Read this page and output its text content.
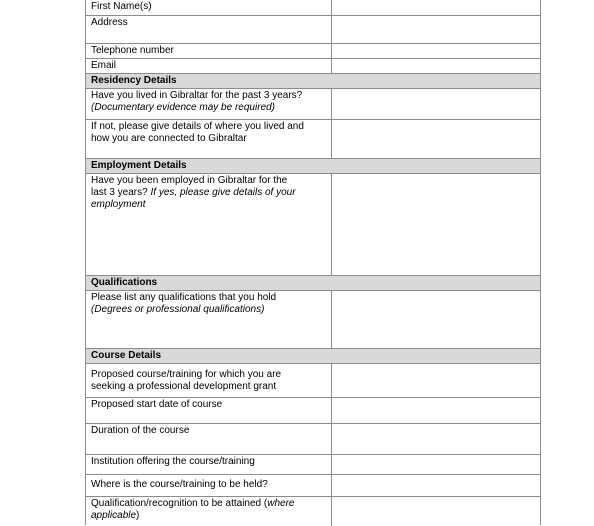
First Name(s)
Address
Telephone number
Email
Residency Details
Have you lived in Gibraltar for the past 3 years?
(Documentary evidence may be required)
If not, please give details of where you lived and
how you are connected to Gibraltar
Employment Details
Have you been employed in Gibraltar for the
last 3 years? If yes, please give details of your
employment
Qualifications
Please list any qualifications that you hold
(Degrees or professional qualifications)
Course Details
Proposed course/training for which you are
seeking a professional development grant
Proposed start date of course
Duration of the course
Institution offering the course/training
Where is the course/training to be held?
Qualification/recognition to be attained (where
applicable)
